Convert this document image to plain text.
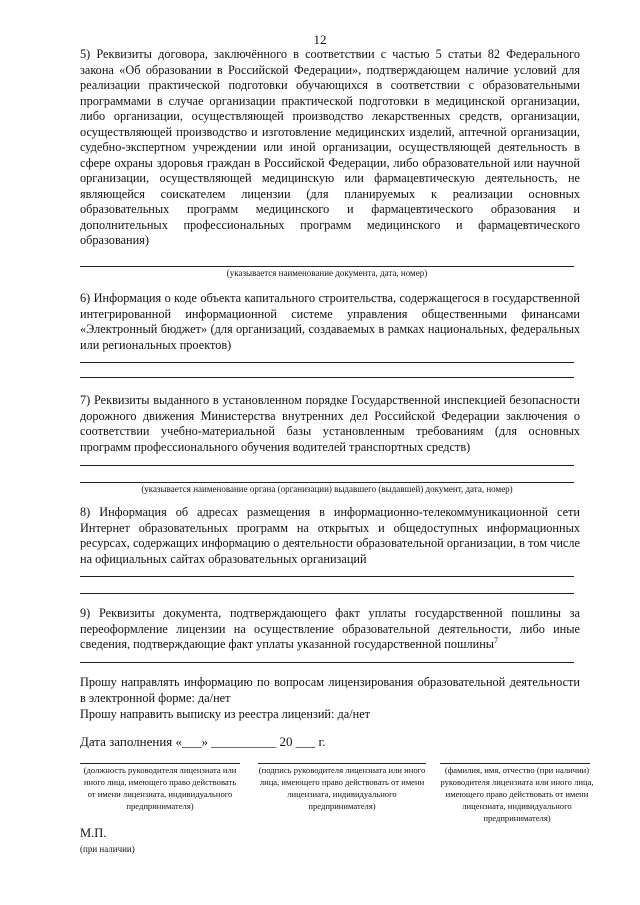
12
5) Реквизиты договора, заключённого в соответствии с частью 5 статьи 82 Федерального закона «Об образовании в Российской Федерации», подтверждающем наличие условий для реализации практической подготовки обучающихся в соответствии с образовательными программами в случае организации практической подготовки в медицинской организации, либо организации, осуществляющей производство лекарственных средств, организации, осуществляющей производство и изготовление медицинских изделий, аптечной организации, судебно-экспертном учреждении или иной организации, осуществляющей деятельность в сфере охраны здоровья граждан в Российской Федерации, либо образовательной или научной организации, осуществляющей медицинскую или фармацевтическую деятельность, не являющейся соискателем лицензии (для планируемых к реализации основных образовательных программ медицинского и фармацевтического образования и дополнительных профессиональных программ медицинского и фармацевтического образования)
(указывается наименование документа, дата, номер)
6) Информация о коде объекта капитального строительства, содержащегося в государственной интегрированной информационной системе управления общественными финансами «Электронный бюджет» (для организаций, создаваемых в рамках национальных, федеральных или региональных проектов)
7) Реквизиты выданного в установленном порядке Государственной инспекцией безопасности дорожного движения Министерства внутренних дел Российской Федерации заключения о соответствии учебно-материальной базы установленным требованиям (для основных программ профессионального обучения водителей транспортных средств)
(указывается наименование органа (организации) выдавшего (выдавшей) документ, дата, номер)
8) Информация об адресах размещения в информационно-телекоммуникационной сети Интернет образовательных программ на открытых и общедоступных информационных ресурсах, содержащих информацию о деятельности образовательной организации, в том числе на официальных сайтах образовательных организаций
9) Реквизиты документа, подтверждающего факт уплаты государственной пошлины за переоформление лицензии на осуществление образовательной деятельности, либо иные сведения, подтверждающие факт уплаты указанной государственной пошлины$^7$
Прошу направлять информацию по вопросам лицензирования образовательной деятельности в электронной форме: да/нет
Прошу направить выписку из реестра лицензий: да/нет
Дата заполнения «___» __________ 20 ___ г.
(должность руководителя лицензиата или иного лица, имеющего право действовать от имени лицензиата, индивидуального предпринимателя)
(подпись руководителя лицензиата или иного лица, имеющего право действовать от имени лицензиата, индивидуального предпринимателя)
(фамилия, имя, отчество (при наличии) руководителя лицензиата или иного лица, имеющего право действовать от имени лицензиата, индивидуального предпринимателя)
М.П.
(при наличии)
